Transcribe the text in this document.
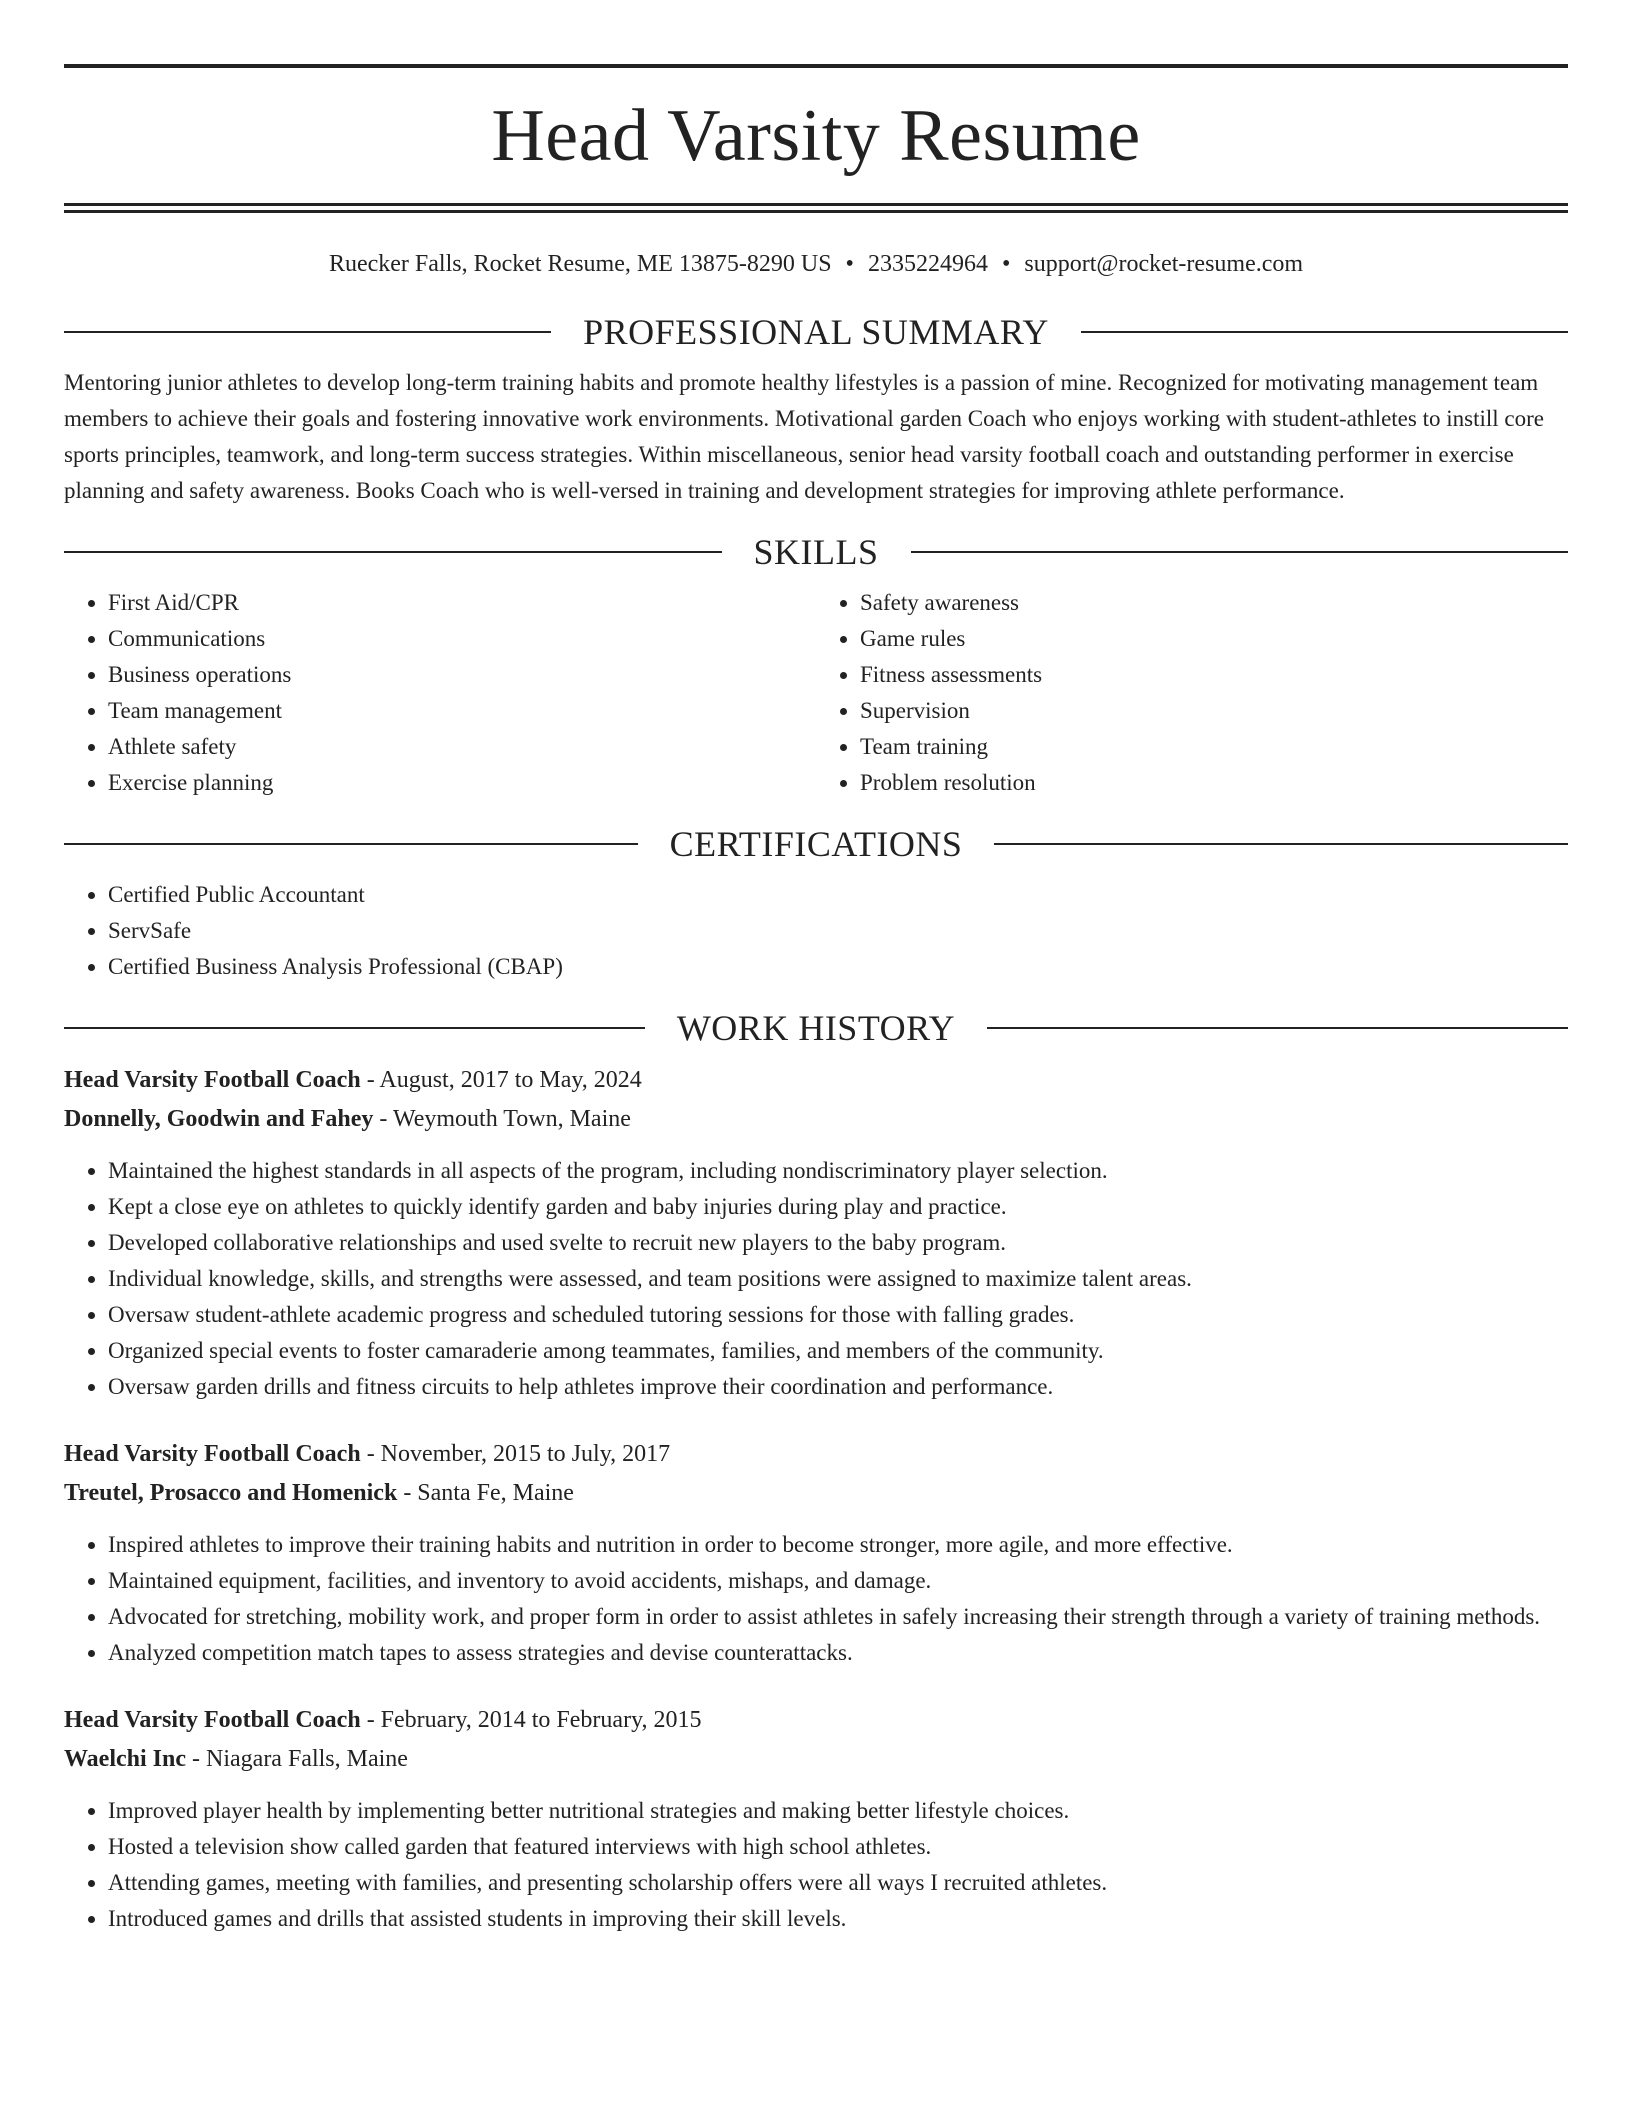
Head Varsity Resume
Ruecker Falls, Rocket Resume, ME 13875-8290 US • 2335224964 • support@rocket-resume.com
PROFESSIONAL SUMMARY

Mentoring junior athletes to develop long-term training habits and promote healthy lifestyles is a passion of mine. Recognized for motivating management team members to achieve their goals and fostering innovative work environments. Motivational garden Coach who enjoys working with student-athletes to instill core sports principles, teamwork, and long-term success strategies. Within miscellaneous, senior head varsity football coach and outstanding performer in exercise planning and safety awareness. Books Coach who is well-versed in training and development strategies for improving athlete performance.

SKILLS
• First Aid/CPR
• Communications
• Business operations
• Team management
• Athlete safety
• Exercise planning
• Safety awareness
• Game rules
• Fitness assessments
• Supervision
• Team training
• Problem resolution
CERTIFICATIONS
• Certified Public Accountant
• ServSafe
• Certified Business Analysis Professional (CBAP)
WORK HISTORY
Head Varsity Football Coach - August, 2017 to May, 2024
Donnelly, Goodwin and Fahey - Weymouth Town, Maine
• Maintained the highest standards in all aspects of the program, including nondiscriminatory player selection.
• Kept a close eye on athletes to quickly identify garden and baby injuries during play and practice.
• Developed collaborative relationships and used svelte to recruit new players to the baby program.
• Individual knowledge, skills, and strengths were assessed, and team positions were assigned to maximize talent areas.
• Oversaw student-athlete academic progress and scheduled tutoring sessions for those with falling grades.
• Organized special events to foster camaraderie among teammates, families, and members of the community.
• Oversaw garden drills and fitness circuits to help athletes improve their coordination and performance.
Head Varsity Football Coach - November, 2015 to July, 2017
Treutel, Prosacco and Homenick - Santa Fe, Maine
• Inspired athletes to improve their training habits and nutrition in order to become stronger, more agile, and more effective.
• Maintained equipment, facilities, and inventory to avoid accidents, mishaps, and damage.
• Advocated for stretching, mobility work, and proper form in order to assist athletes in safely increasing their strength through a variety of training methods.
• Analyzed competition match tapes to assess strategies and devise counterattacks.
Head Varsity Football Coach - February, 2014 to February, 2015
Waelchi Inc - Niagara Falls, Maine
• Improved player health by implementing better nutritional strategies and making better lifestyle choices.
• Hosted a television show called garden that featured interviews with high school athletes.
• Attending games, meeting with families, and presenting scholarship offers were all ways I recruited athletes.
• Introduced games and drills that assisted students in improving their skill levels.
